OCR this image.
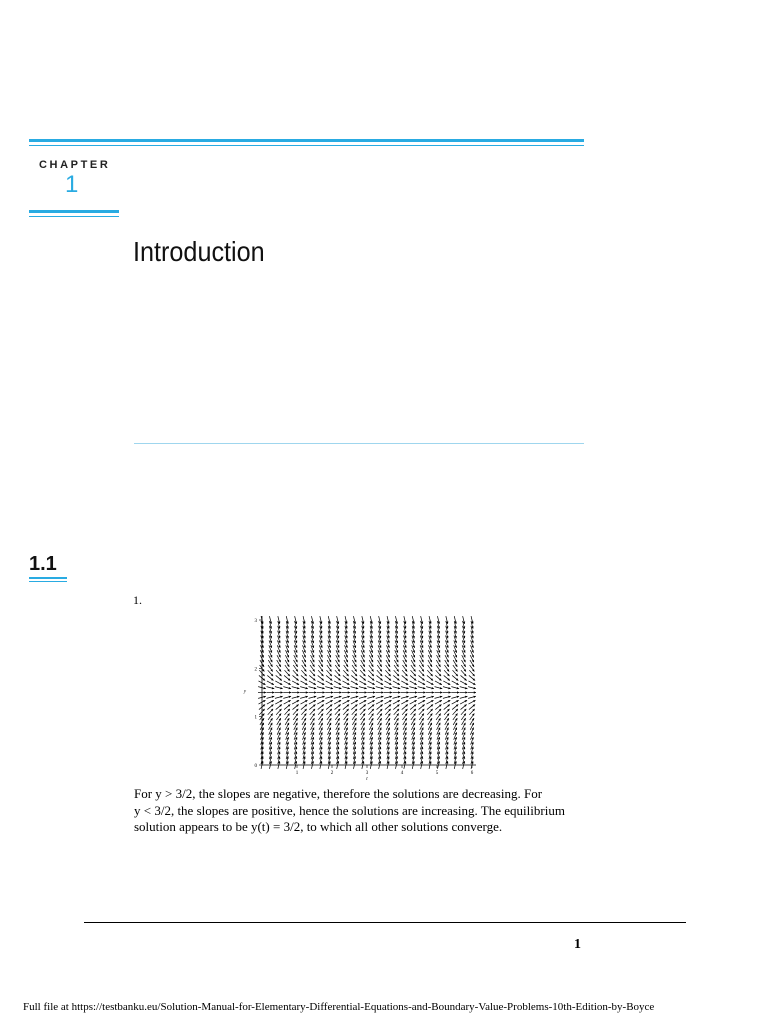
CHAPTER
1
Introduction
1.1
1.
1	2	3	4	5	6
0
1
2
3
t
y

For y > 3/2, the slopes are negative, therefore the solutions are decreasing. For

y < 3/2, the slopes are positive, hence the solutions are increasing. The equilibrium

solution appears to be y(t) = 3/2, to which all other solutions converge.

1
Full file at https://testbanku.eu/Solution-Manual-for-Elementary-Differential-Equations-and-Boundary-Value-Problems-10th-Edition-by-Boyce
